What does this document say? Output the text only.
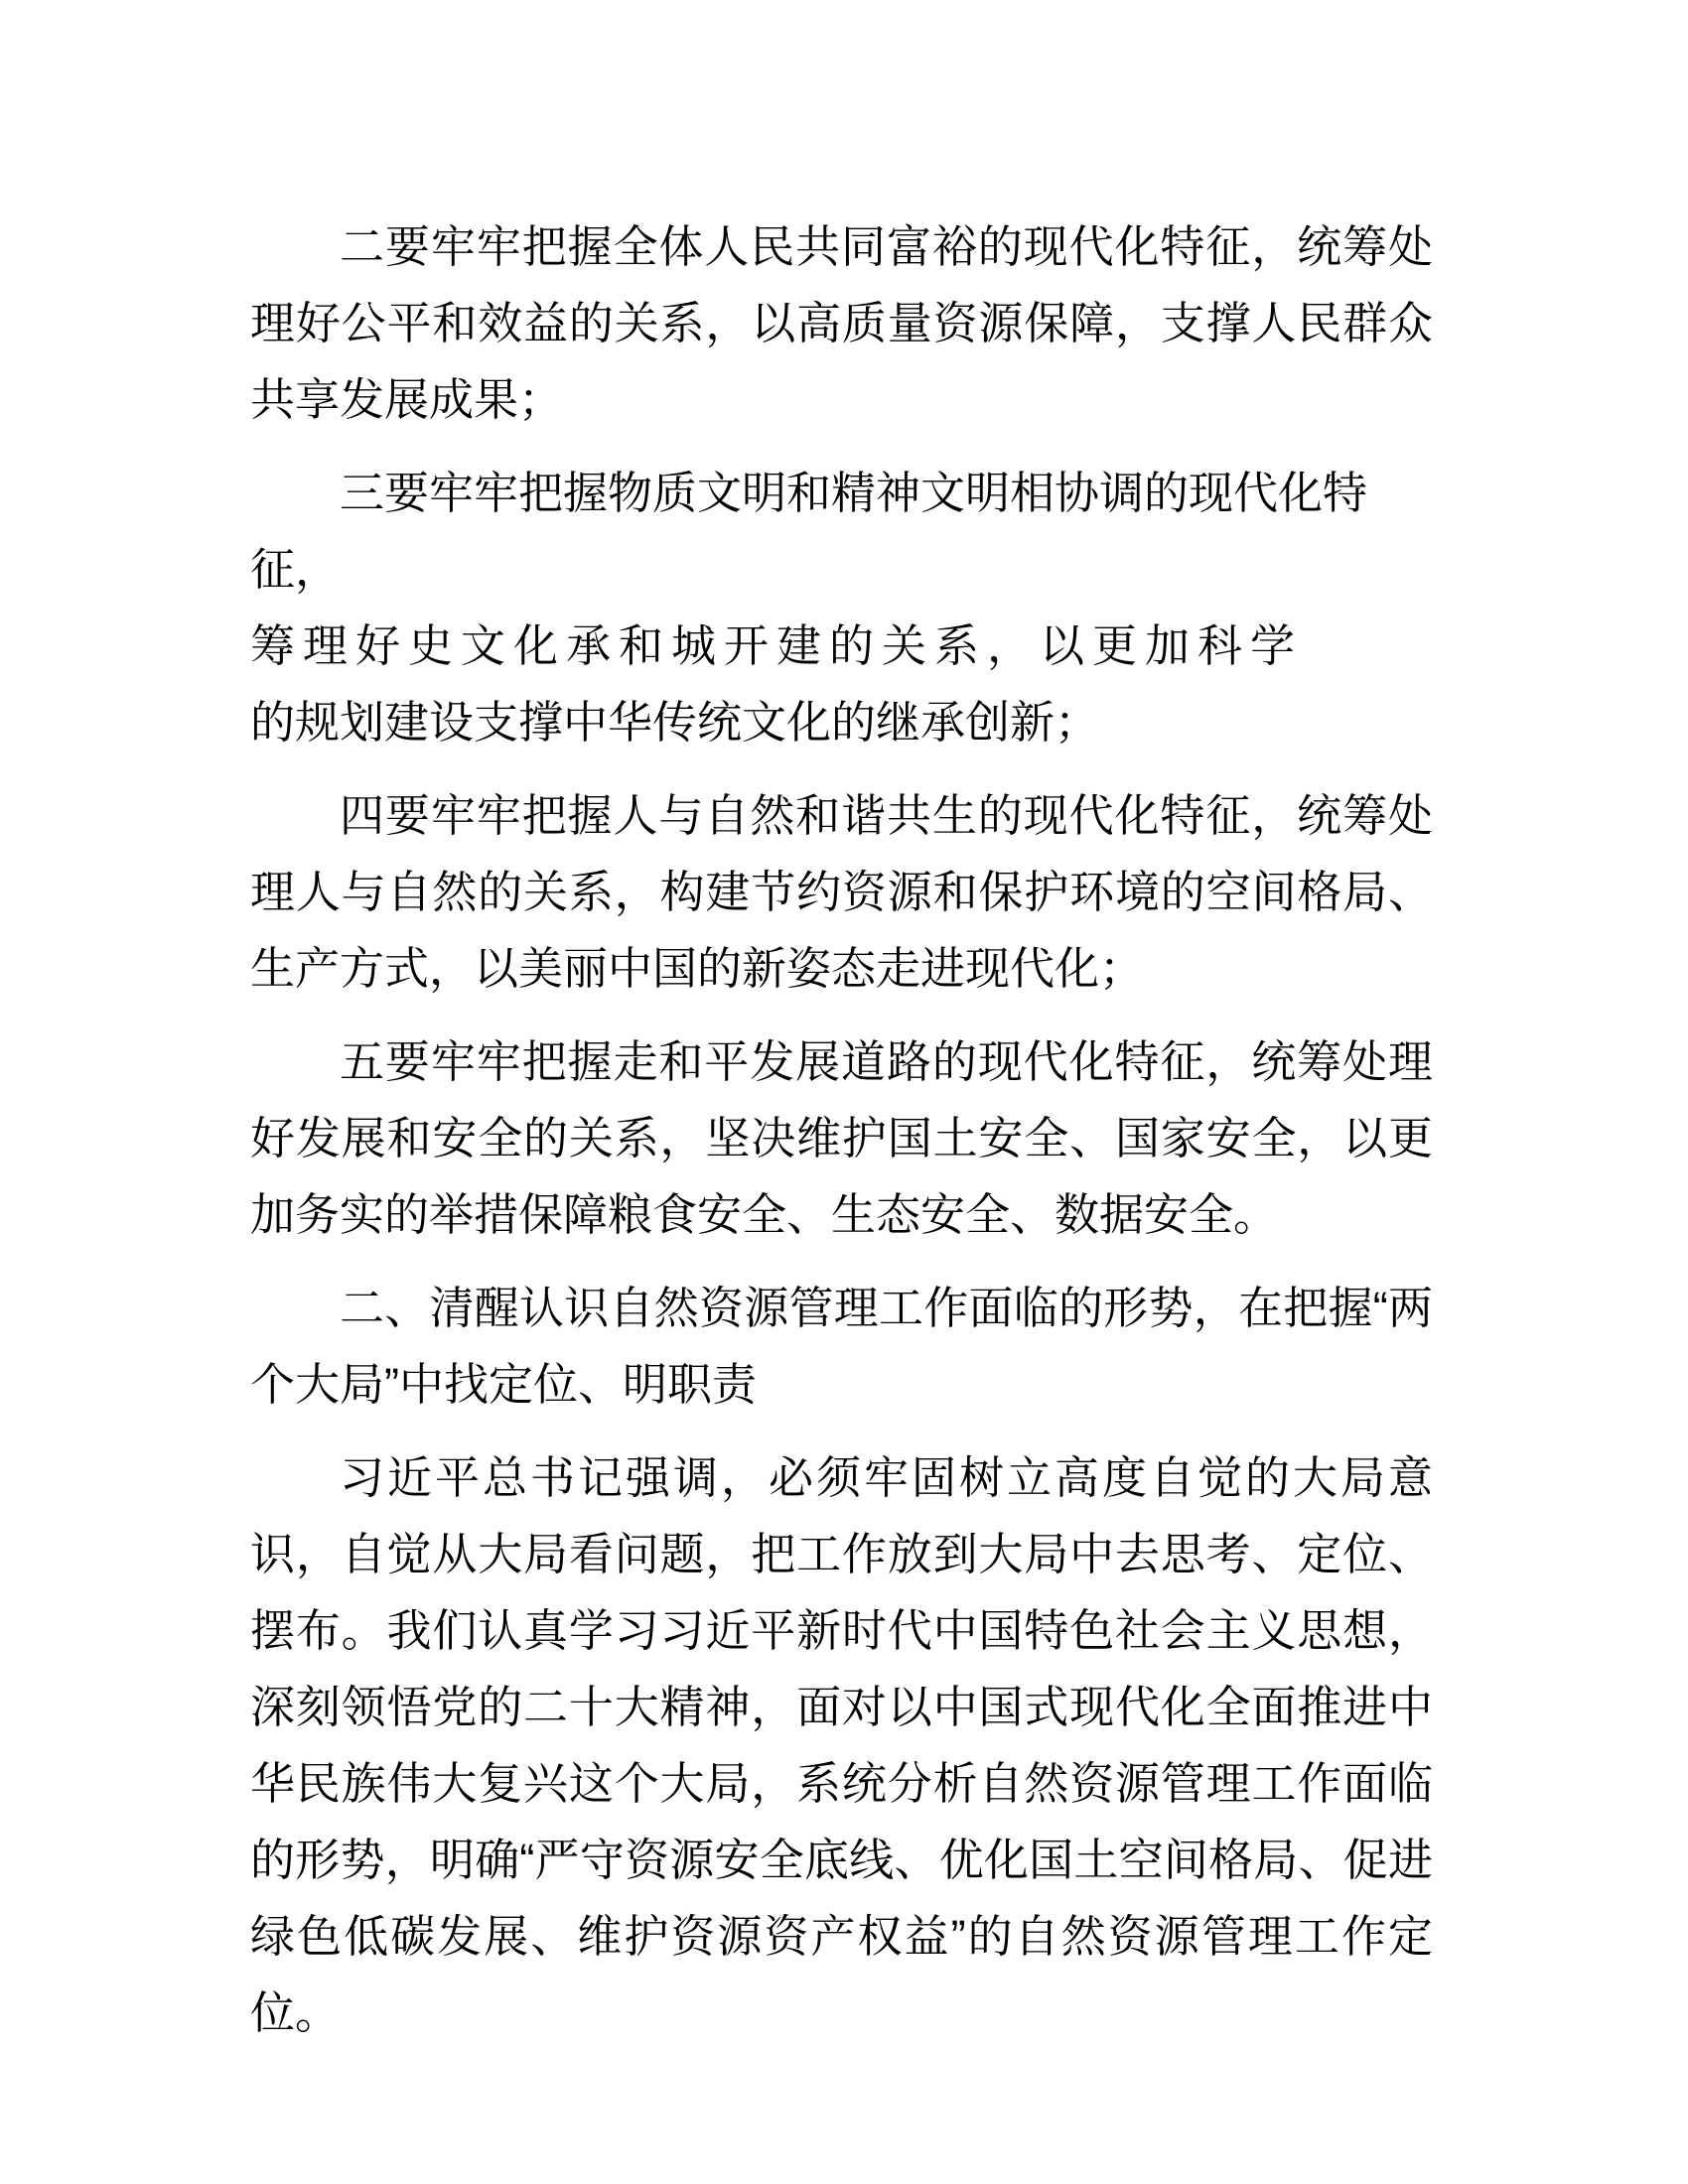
二要牢牢把握全体人民共同富裕的现代化特征，统筹处理好公平和效益的关系，以高质量资源保障，支撑人民群众共享发展成果；

三要牢牢把握物质文明和精神文明相协调的现代化特征，
筹理好史文化承和城开建的关系，以更加科学
的规划建设支撑中华传统文化的继承创新；

四要牢牢把握人与自然和谐共生的现代化特征，统筹处理人与自然的关系，构建节约资源和保护环境的空间格局、生产方式，以美丽中国的新姿态走进现代化；

五要牢牢把握走和平发展道路的现代化特征，统筹处理好发展和安全的关系，坚决维护国土安全、国家安全，以更加务实的举措保障粮食安全、生态安全、数据安全。

二、清醒认识自然资源管理工作面临的形势，在把握“两个大局”中找定位、明职责

习近平总书记强调，必须牢固树立高度自觉的大局意识，自觉从大局看问题，把工作放到大局中去思考、定位、摆布。我们认真学习习近平新时代中国特色社会主义思想，深刻领悟党的二十大精神，面对以中国式现代化全面推进中华民族伟大复兴这个大局，系统分析自然资源管理工作面临的形势，明确“严守资源安全底线、优化国土空间格局、促进绿色低碳发展、维护资源资产权益”的自然资源管理工作定位。
